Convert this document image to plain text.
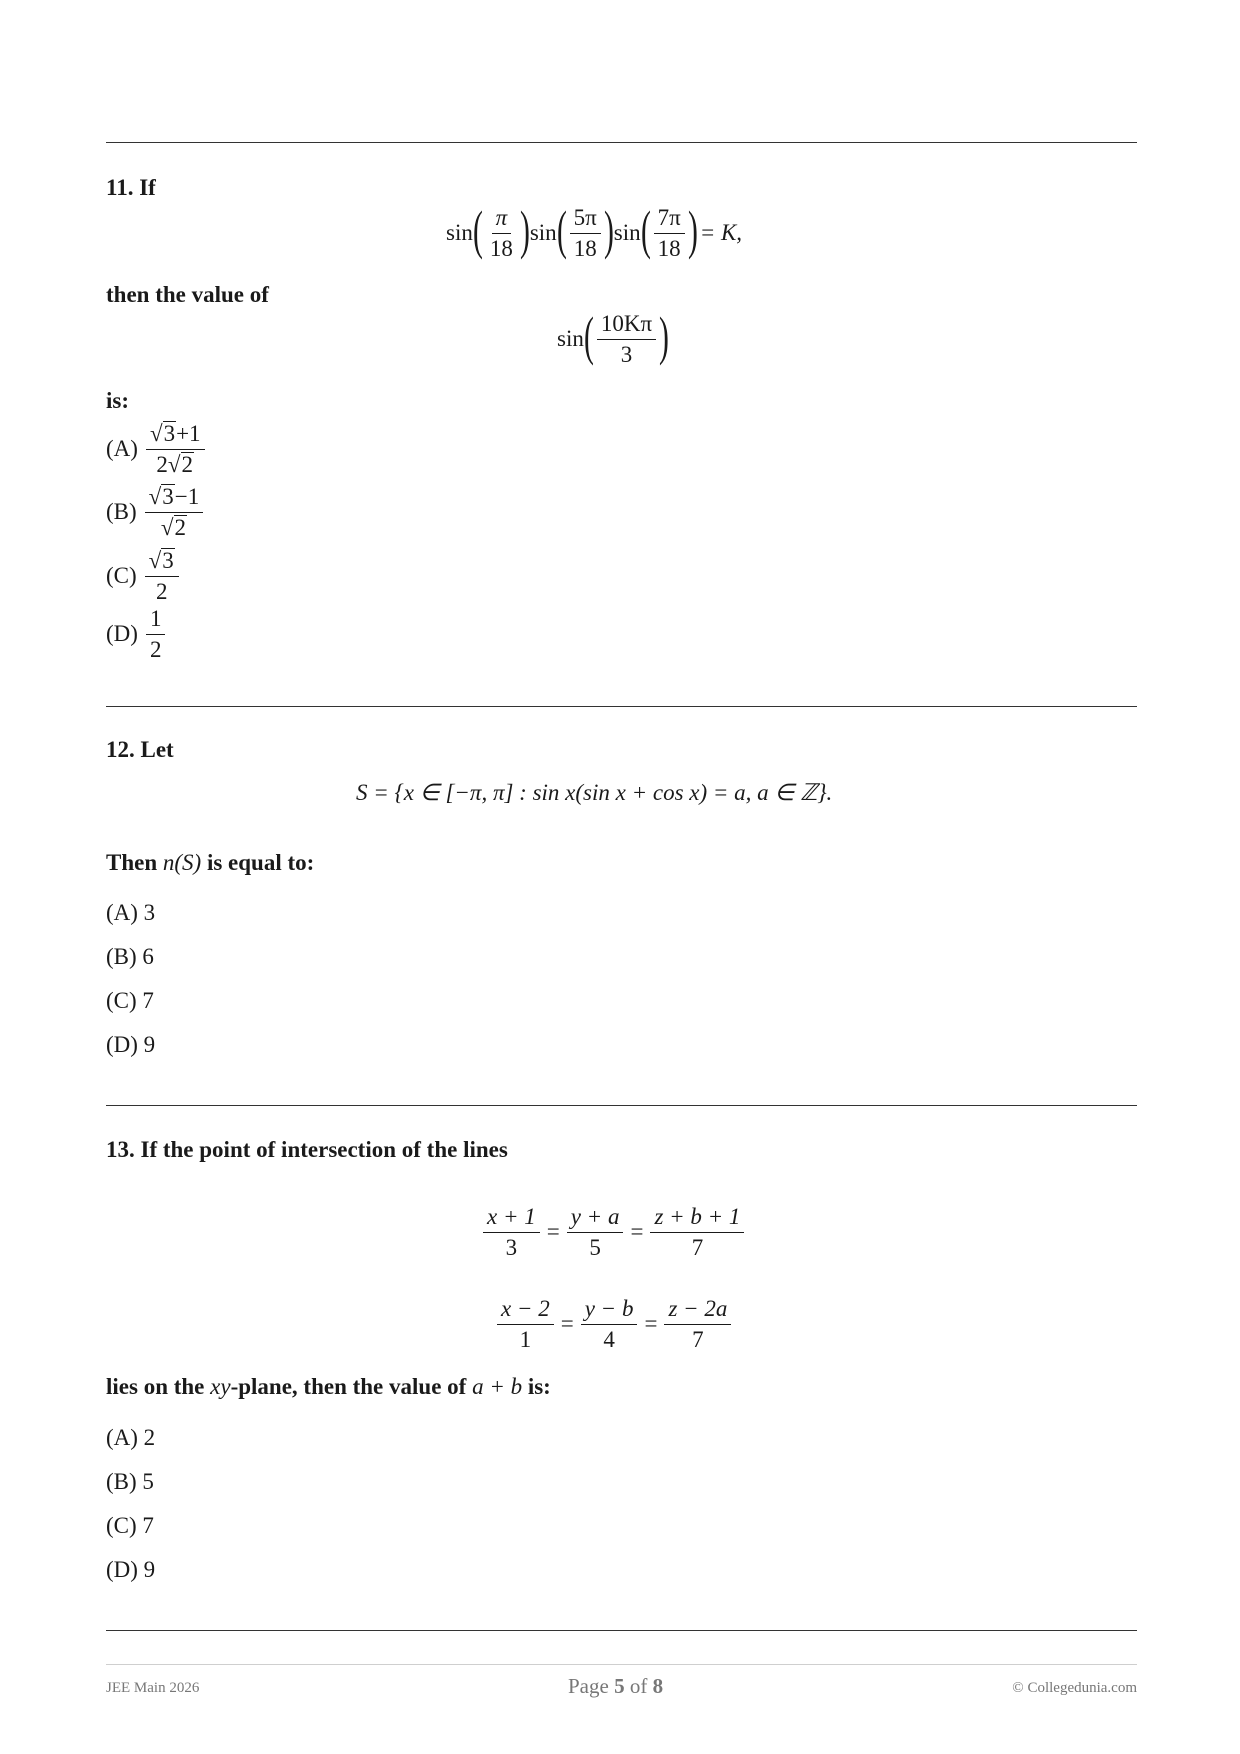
11. If
sin ( $\frac{\pi}{18}$ ) sin ( $\frac{5\pi}{18}$ ) sin ( $\frac{7\pi}{18}$ ) = K,
then the value of
sin ( $\frac{10K\pi}{3}$ )
is:
$(A) \frac{√ 3 +1}{2√ 2}$
$(B) \frac{√ 3 -1}{√ 2}$
$(C) \frac{√ 3}{2}$
$(D) \frac{1}{2}$
12. Let
S = {x ∈ [−π, π] : sin x(sin x + cos x) = a, a ∈ ℤ}.
Then n(S) is equal to:
(A) 3
(B) 6
(C) 7
(D) 9
13. If the point of intersection of the lines
$\frac{x + 1}{3} = \frac{y + a}{5} = \frac{z + b + 1}{7}$
$\frac{x - 2}{1} = \frac{y - b}{4} = \frac{z - 2a}{7}$
lies on the xy-plane, then the value of a + b is:
(A) 2
(B) 5
(C) 7
(D) 9
JEE Main 2026	Page 5 of 8	© Collegedunia.com
